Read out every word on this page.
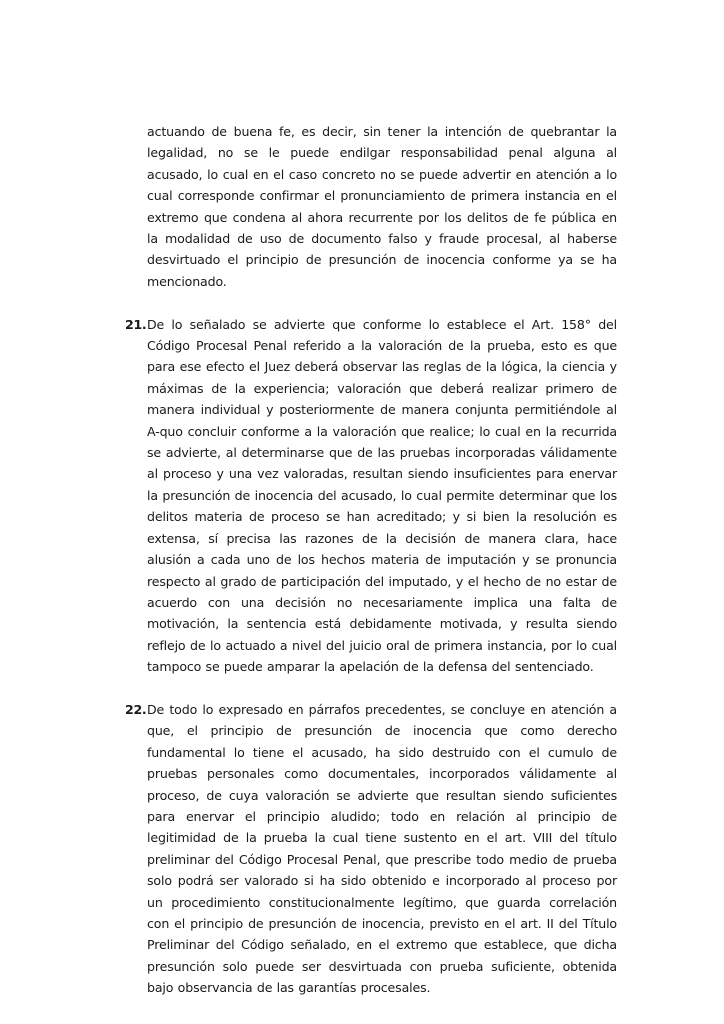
actuando de buena fe, es decir, sin tener la intención de quebrantar la legalidad, no se le puede endilgar responsabilidad penal alguna al acusado, lo cual en el caso concreto no se puede advertir en atención a lo cual corresponde confirmar el pronunciamiento de primera instancia en el extremo que condena al ahora recurrente por los delitos de fe pública en la modalidad de uso de documento falso y fraude procesal, al haberse desvirtuado el principio de presunción de inocencia conforme ya se ha mencionado.

21. De lo señalado se advierte que conforme lo establece el Art. 158° del Código Procesal Penal referido a la valoración de la prueba, esto es que para ese efecto el Juez deberá observar las reglas de la lógica, la ciencia y máximas de la experiencia; valoración que deberá realizar primero de manera individual y posteriormente de manera conjunta permitiéndole al A-quo concluir conforme a la valoración que realice; lo cual en la recurrida se advierte, al determinarse que de las pruebas incorporadas válidamente al proceso y una vez valoradas, resultan siendo insuficientes para enervar la presunción de inocencia del acusado, lo cual permite determinar que los delitos materia de proceso se han acreditado; y si bien la resolución es extensa, sí precisa las razones de la decisión de manera clara, hace alusión a cada uno de los hechos materia de imputación y se pronuncia respecto al grado de participación del imputado, y el hecho de no estar de acuerdo con una decisión no necesariamente implica una falta de motivación, la sentencia está debidamente motivada, y resulta siendo reflejo de lo actuado a nivel del juicio oral de primera instancia, por lo cual tampoco se puede amparar la apelación de la defensa del sentenciado.

22. De todo lo expresado en párrafos precedentes, se concluye en atención a que, el principio de presunción de inocencia que como derecho fundamental lo tiene el acusado, ha sido destruido con el cumulo de pruebas personales como documentales, incorporados válidamente al proceso, de cuya valoración se advierte que resultan siendo suficientes para enervar el principio aludido; todo en relación al principio de legitimidad de la prueba la cual tiene sustento en el art. VIII del título preliminar del Código Procesal Penal, que prescribe todo medio de prueba solo podrá ser valorado si ha sido obtenido e incorporado al proceso por un procedimiento constitucionalmente legítimo, que guarda correlación con el principio de presunción de inocencia, previsto en el art. II del Título Preliminar del Código señalado, en el extremo que establece, que dicha presunción solo puede ser desvirtuada con prueba suficiente, obtenida bajo observancia de las garantías procesales.
